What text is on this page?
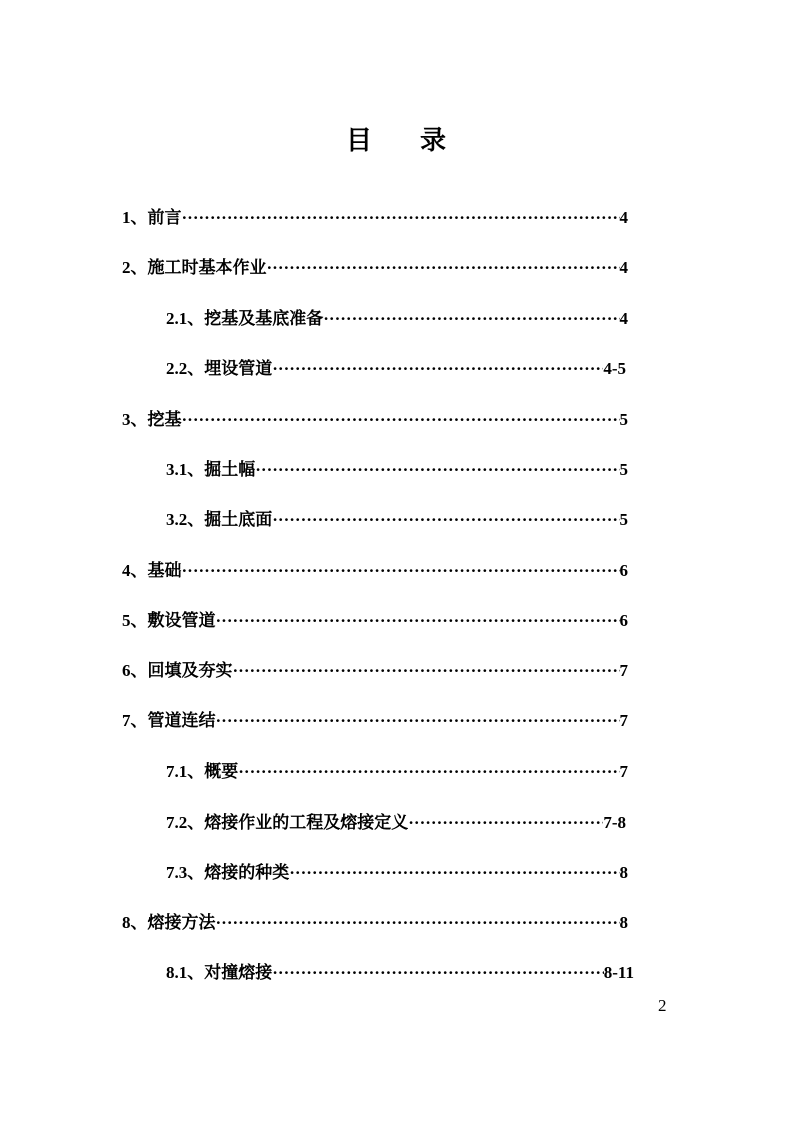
目 录
1、 前言 ·····	4
2、 施工时基本作业 ·····	4
2.1、 挖基及基底准备 ·····	4
2.2、 埋设管道 ·····	4-5
3、 挖基 ·····	5
3.1、 掘土幅 ·····	5
3.2、 掘土底面 ·····	5
4、 基础 ·····	6
5、 敷设管道 ·····	6
6、 回填及夯实 ·····	7
7、 管道连结 ·····	7
7.1、 概要 ·····	7
7.2、 熔接作业的工程及熔接定义 ·····	7-8
7.3、 熔接的种类 ·····	8
8、 熔接方法 ·····	8
8.1、 对撞熔接 ·····	8-11
2
